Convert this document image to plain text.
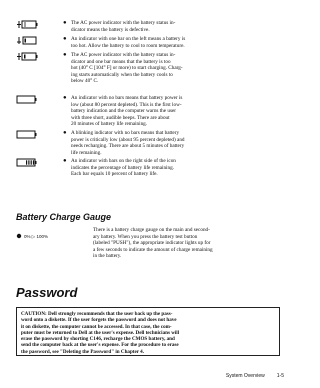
● The AC power indicator with the battery status in-
dicator means the battery is defective.
● An indicator with one bar on the left means a battery is
too hot. Allow the battery to cool to room temperature.
● The AC power indicator with the battery status in-
dicator and one bar means that the battery is too
hot (40° C [104° F] or more) to start charging. Charg-
ing starts automatically when the battery cools to
below 40° C.
● An indicator with no bars means that battery power is
low (about 80 percent depleted). This is the first low-
battery indication and the computer warns the user
with three short, audible beeps. There are about
20 minutes of battery life remaining.
● A blinking indicator with no bars means that battery
power is critically low (about 95 percent depleted) and
needs recharging. There are about 5 minutes of battery
life remaining.
● An indicator with bars on the right side of the icon
indicates the percentage of battery life remaining.
Each bar equals 10 percent of battery life.
Battery Charge Gauge
0% ▷ 100%
There is a battery charge gauge on the main and second-
ary battery. When you press the battery test button
(labeled "PUSH"), the appropriate indicator lights up for
a few seconds to indicate the amount of charge remaining
in the battery.
Password
CAUTION: Dell strongly recommends that the user back up the pass-
word onto a diskette. If the user forgets the password and does not have
it on diskette, the computer cannot be accessed. In that case, the com-
puter must be returned to Dell at the user's expense. Dell technicians will
erase the password by shorting C146, recharge the CMOS battery, and
send the computer back at the user's expense. For the procedure to erase
the password, see "Deleting the Password" in Chapter 4.
System Overview 1-5
